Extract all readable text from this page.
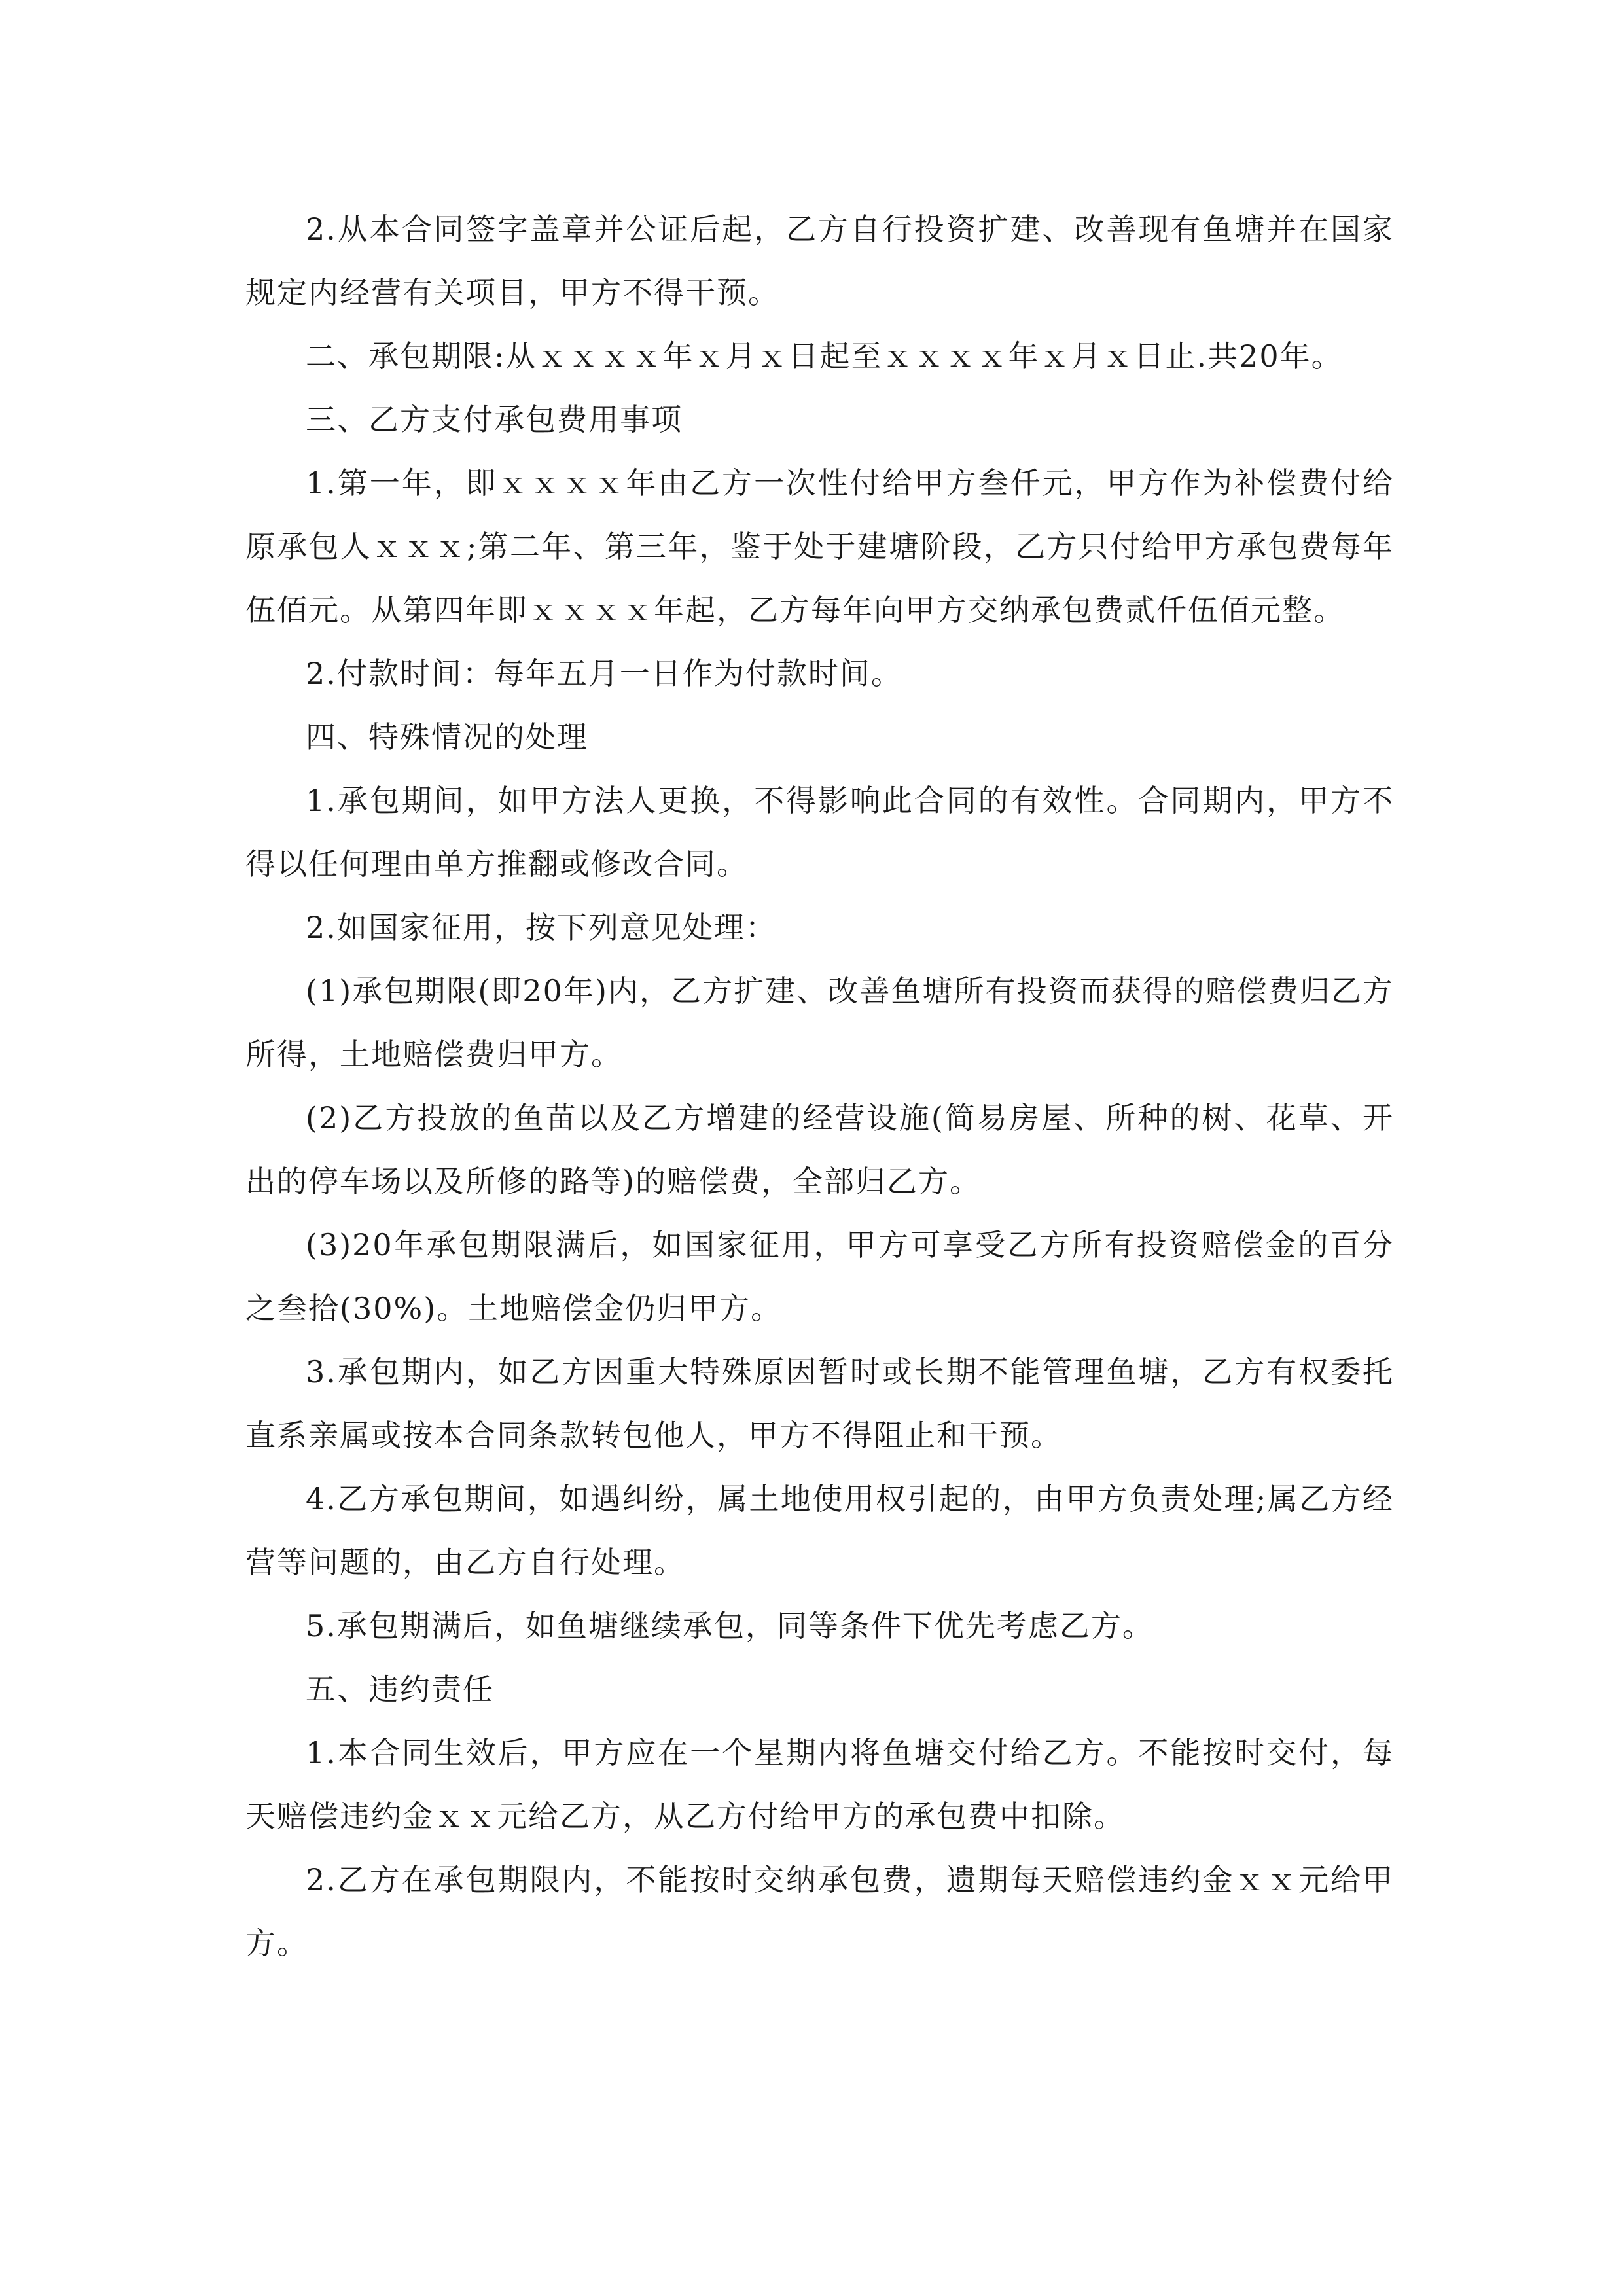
2.从本合同签字盖章并公证后起，乙方自行投资扩建、改善现有鱼塘并在国家规定内经营有关项目，甲方不得干预。

二、承包期限:从ｘｘｘｘ年ｘ月ｘ日起至ｘｘｘｘ年ｘ月ｘ日止.共20年。

三、乙方支付承包费用事项

1.第一年，即ｘｘｘｘ年由乙方一次性付给甲方叁仟元，甲方作为补偿费付给原承包人ｘｘｘ;第二年、第三年，鉴于处于建塘阶段，乙方只付给甲方承包费每年伍佰元。从第四年即ｘｘｘｘ年起，乙方每年向甲方交纳承包费贰仟伍佰元整。

2.付款时间：每年五月一日作为付款时间。

四、特殊情况的处理

1.承包期间，如甲方法人更换，不得影响此合同的有效性。合同期内，甲方不得以任何理由单方推翻或修改合同。

2.如国家征用，按下列意见处理：

(1)承包期限(即20年)内，乙方扩建、改善鱼塘所有投资而获得的赔偿费归乙方所得，土地赔偿费归甲方。

(2)乙方投放的鱼苗以及乙方增建的经营设施(简易房屋、所种的树、花草、开出的停车场以及所修的路等)的赔偿费，全部归乙方。

(3)20年承包期限满后，如国家征用，甲方可享受乙方所有投资赔偿金的百分之叁拾(30%)。土地赔偿金仍归甲方。

3.承包期内，如乙方因重大特殊原因暂时或长期不能管理鱼塘，乙方有权委托直系亲属或按本合同条款转包他人，甲方不得阻止和干预。

4.乙方承包期间，如遇纠纷，属土地使用权引起的，由甲方负责处理;属乙方经营等问题的，由乙方自行处理。

5.承包期满后，如鱼塘继续承包，同等条件下优先考虑乙方。

五、违约责任

1.本合同生效后，甲方应在一个星期内将鱼塘交付给乙方。不能按时交付，每天赔偿违约金ｘｘ元给乙方，从乙方付给甲方的承包费中扣除。

2.乙方在承包期限内，不能按时交纳承包费，遗期每天赔偿违约金ｘｘ元给甲方。
